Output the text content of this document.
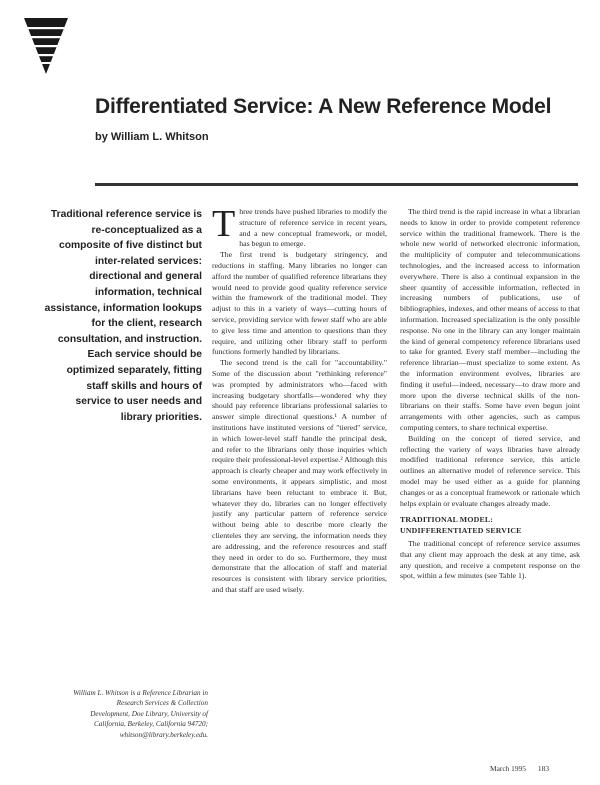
Differentiated Service: A New Reference Model
by William L. Whitson
Traditional reference service is
re-conceptualized as a
composite of five distinct but
inter-related services:
directional and general
information, technical
assistance, information lookups
for the client, research
consultation, and instruction.
Each service should be
optimized separately, fitting
staff skills and hours of
service to user needs and
library priorities.
William L. Whitson is a Reference Librarian in
Research Services & Collection
Development, Doe Library, University of
California, Berkeley, California 94720;
whitson@library.berkeley.edu.

Three trends have pushed libraries to modify the structure of reference service in recent years, and a new conceptual framework, or model, has begun to emerge.

The first trend is budgetary stringency, and reductions in staffing. Many libraries no longer can afford the number of qualified reference librarians they would need to provide good quality reference service within the framework of the traditional model. They adjust to this in a variety of ways—cutting hours of service, providing service with fewer staff who are able to give less time and attention to questions than they require, and utilizing other library staff to perform functions formerly handled by librarians.

The second trend is the call for "accountability." Some of the discussion about "rethinking reference" was prompted by administrators who—faced with increasing budgetary shortfalls—wondered why they should pay reference librarians professional salaries to answer simple directional questions.¹ A number of institutions have instituted versions of "tiered" service, in which lower-level staff handle the principal desk, and refer to the librarians only those inquiries which require their professional-level expertise.² Although this approach is clearly cheaper and may work effectively in some environments, it appears simplistic, and most librarians have been reluctant to embrace it. But, whatever they do, libraries can no longer effectively justify any particular pattern of reference service without being able to describe more clearly the clienteles they are serving, the information needs they are addressing, and the reference resources and staff they need in order to do so. Furthermore, they must demonstrate that the allocation of staff and material resources is consistent with library service priorities, and that staff are used wisely.

The third trend is the rapid increase in what a librarian needs to know in order to provide competent reference service within the traditional framework. There is the whole new world of networked electronic information, the multiplicity of computer and telecommunications technologies, and the increased access to information everywhere. There is also a continual expansion in the sheer quantity of accessible information, reflected in increasing numbers of publications, use of bibliographies, indexes, and other means of access to that information. Increased specialization is the only possible response. No one in the library can any longer maintain the kind of general competency reference librarians used to take for granted. Every staff member—including the reference librarian—must specialize to some extent. As the information environment evolves, libraries are finding it useful—indeed, necessary—to draw more and more upon the diverse technical skills of the non-librarians on their staffs. Some have even begun joint arrangements with other agencies, such as campus computing centers, to share technical expertise.

Building on the concept of tiered service, and reflecting the variety of ways libraries have already modified traditional reference service, this article outlines an alternative model of reference service. This model may be used either as a guide for planning changes or as a conceptual framework or rationale which helps explain or evaluate changes already made.

TRADITIONAL MODEL:
UNDIFFERENTIATED SERVICE

The traditional concept of reference service assumes that any client may approach the desk at any time, ask any question, and receive a competent response on the spot, within a few minutes (see Table 1).

March 1995 183
